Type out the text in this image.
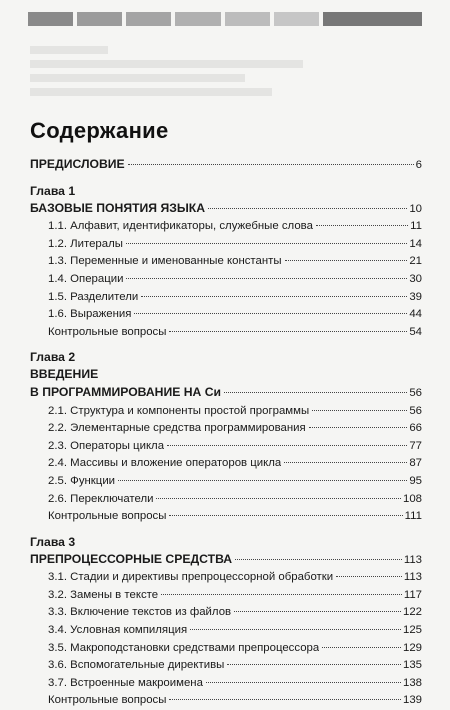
Содержание
ПРЕДИСЛОВИЕ	6
Глава 1
БАЗОВЫЕ ПОНЯТИЯ ЯЗЫКА	10
1.1. Алфавит, идентификаторы, служебные слова	11
1.2. Литералы	14
1.3. Переменные и именованные константы	21
1.4. Операции	30
1.5. Разделители	39
1.6. Выражения	44
Контрольные вопросы	54
Глава 2
ВВЕДЕНИЕ
В ПРОГРАММИРОВАНИЕ НА Си	56
2.1. Структура и компоненты простой программы	56
2.2. Элементарные средства программирования	66
2.3. Операторы цикла	77
2.4. Массивы и вложение операторов цикла	87
2.5. Функции	95
2.6. Переключатели	108
Контрольные вопросы	111
Глава 3
ПРЕПРОЦЕССОРНЫЕ СРЕДСТВА	113
3.1. Стадии и директивы препроцессорной обработки	113
3.2. Замены в тексте	117
3.3. Включение текстов из файлов	122
3.4. Условная компиляция	125
3.5. Макроподстановки средствами препроцессора	129
3.6. Вспомогательные директивы	135
3.7. Встроенные макроимена	138
Контрольные вопросы	139
